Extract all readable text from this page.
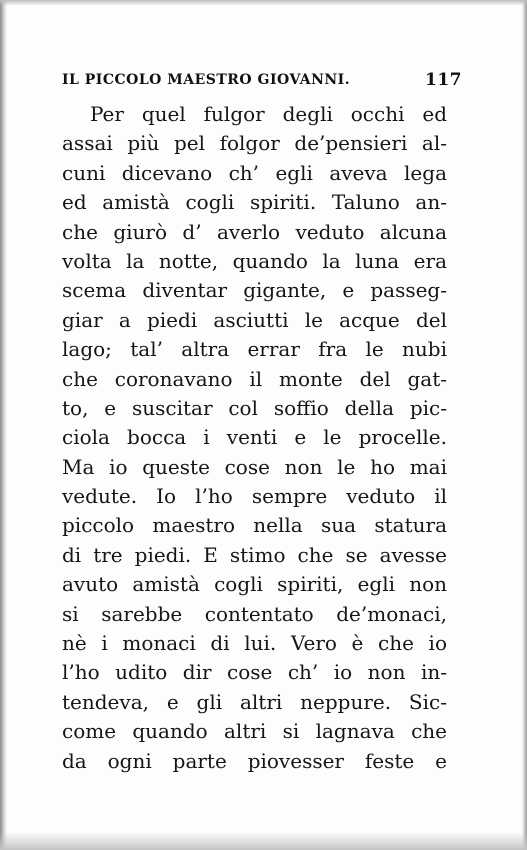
IL PICCOLO MAESTRO GIOVANNI.	117
Per quel fulgor degli occhi ed
assai più pel folgor de’pensieri al-
cuni dicevano ch’ egli aveva lega
ed amistà cogli spiriti. Taluno an-
che giurò d’ averlo veduto alcuna
volta la notte, quando la luna era
scema diventar gigante, e passeg-
giar a piedi asciutti le acque del
lago; tal’ altra errar fra le nubi
che coronavano il monte del gat-
to, e suscitar col soffio della pic-
ciola bocca i venti e le procelle.
Ma io queste cose non le ho mai
vedute. Io l’ho sempre veduto il
piccolo maestro nella sua statura
di tre piedi. E stimo che se avesse
avuto amistà cogli spiriti, egli non
si sarebbe contentato de’monaci,
nè i monaci di lui. Vero è che io
l’ho udito dir cose ch’ io non in-
tendeva, e gli altri neppure. Sic-
come quando altri si lagnava che
da ogni parte piovesser feste e
